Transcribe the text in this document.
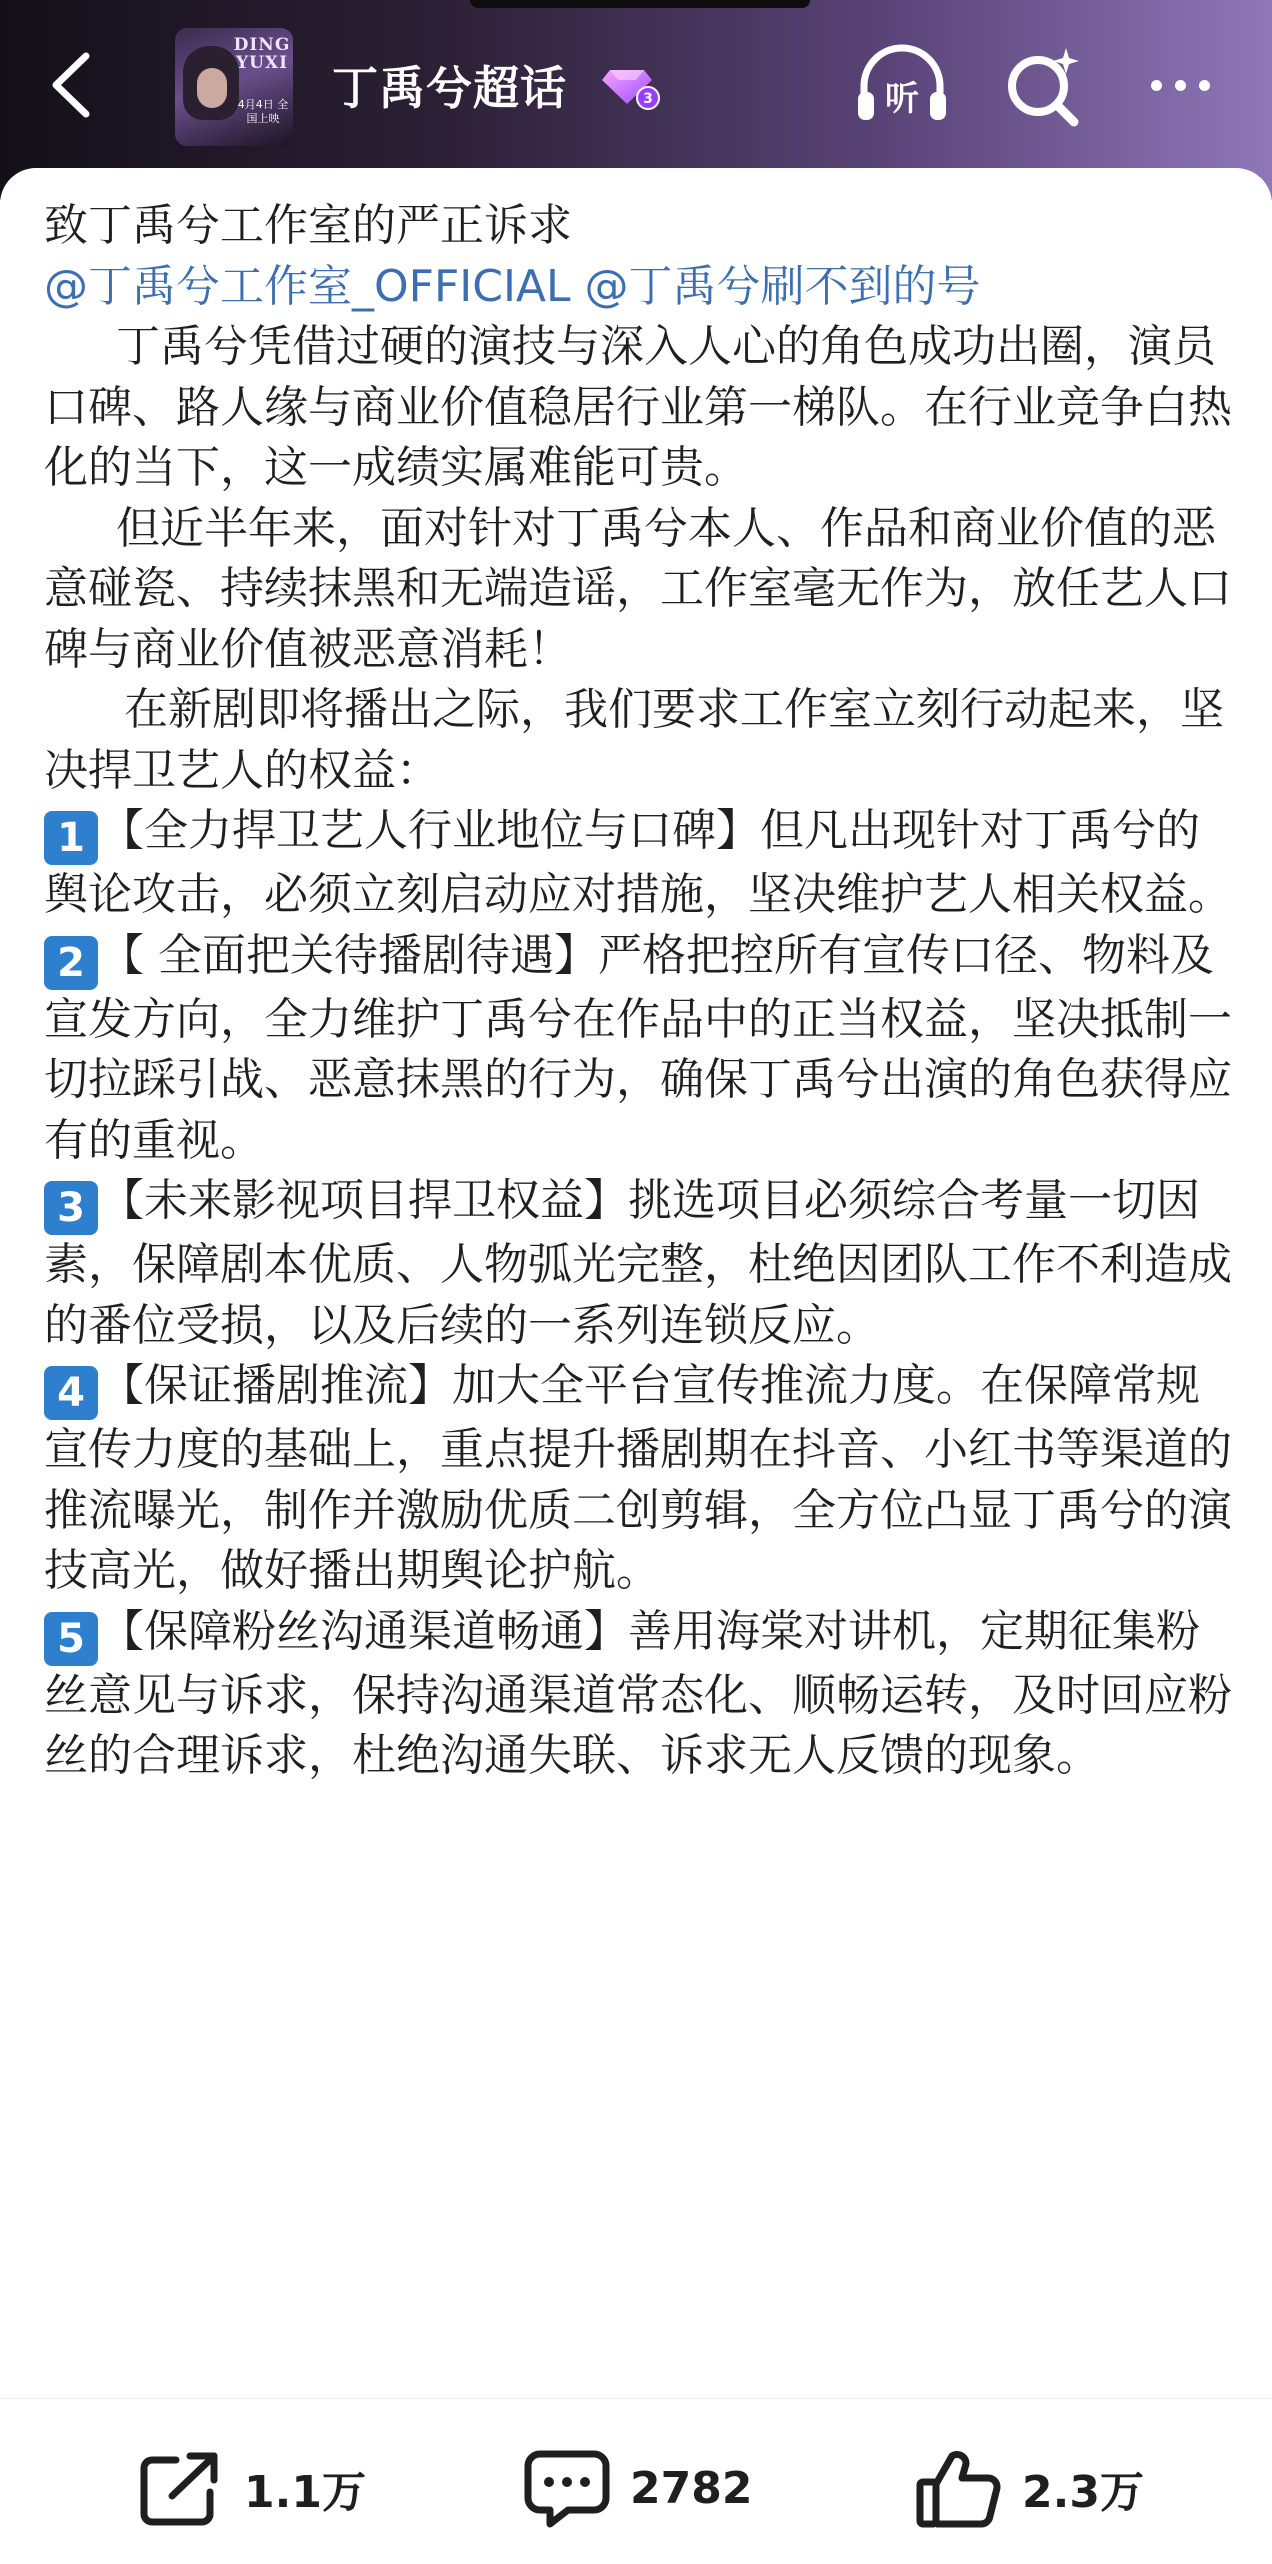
DING YUXI
4月4日 全国上映
丁禹兮超话	3	听

致丁禹兮工作室的严正诉求

@丁禹兮工作室_OFFICIAL @丁禹兮刷不到的号

丁禹兮凭借过硬的演技与深入人心的角色成功出圈，演员口碑、路人缘与商业价值稳居行业第一梯队。在行业竞争白热化的当下，这一成绩实属难能可贵。

但近半年来，面对针对丁禹兮本人、作品和商业价值的恶意碰瓷、持续抹黑和无端造谣，工作室毫无作为，放任艺人口碑与商业价值被恶意消耗！

在新剧即将播出之际，我们要求工作室立刻行动起来，坚决捍卫艺人的权益：

1 【全力捍卫艺人行业地位与口碑】但凡出现针对丁禹兮的舆论攻击，必须立刻启动应对措施，坚决维护艺人相关权益。

2 【 全面把关待播剧待遇】严格把控所有宣传口径、物料及宣发方向，全力维护丁禹兮在作品中的正当权益，坚决抵制一切拉踩引战、恶意抹黑的行为，确保丁禹兮出演的角色获得应有的重视。

3 【未来影视项目捍卫权益】挑选项目必须综合考量一切因素，保障剧本优质、人物弧光完整，杜绝因团队工作不利造成的番位受损，以及后续的一系列连锁反应。

4 【保证播剧推流】加大全平台宣传推流力度。在保障常规宣传力度的基础上，重点提升播剧期在抖音、小红书等渠道的推流曝光，制作并激励优质二创剪辑，全方位凸显丁禹兮的演技高光，做好播出期舆论护航。

5 【保障粉丝沟通渠道畅通】善用海棠对讲机，定期征集粉丝意见与诉求，保持沟通渠道常态化、顺畅运转，及时回应粉丝的合理诉求，杜绝沟通失联、诉求无人反馈的现象。

1.1万	2782	2.3万
